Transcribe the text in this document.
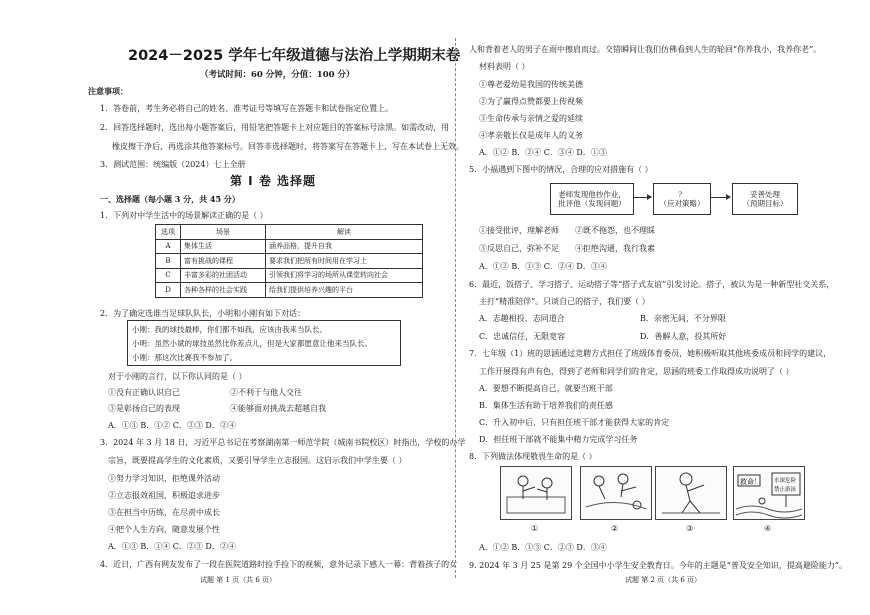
2024－2025 学年七年级道德与法治上学期期末卷
（考试时间：60 分钟，分值：100 分）
注意事项：
1．答卷前，考生务必将自己的姓名、准考证号等填写在答题卡和试卷指定位置上。
2．回答选择题时，选出每小题答案后，用铅笔把答题卡上对应题目的答案标号涂黑。如需改动，用
橡皮擦干净后，再选涂其他答案标号。回答非选择题时，将答案写在答题卡上，写在本试卷上无效。
3．测试范围：统编版（2024）七上全册
第 Ⅰ 卷 选择题
一、选择题（每小题 3 分，共 45 分）
1．下列对中学生活中的场景解读正确的是（ ）
选项	场景	解读
A	集体生活	涵养品格，提升自我
B	富有挑战的课程	要求我们把所有时间用在学习上
C	丰富多彩的社团活动	引领我们将学习的场所从课堂转向社会
D	各种各样的社会实践	给我们提供培养兴趣的平台
2．为了确定选谁当足球队队长，小明和小刚有如下对话：
小刚：我的球技最棒，你们都不如我，应该由我来当队长。
小明：虽然小斌的球技虽然比你差点儿，但是大家都愿意让他来当队长。
小刚：那这次比赛我不参加了。
对于小刚的言行，以下你认同的是（ ）
①没有正确认识自己	②不利于与他人交往
③是彰扬自己的表现	④能够面对挑战去超越自我
A．①③ B．①② C．②③ D．②④
3．2024 年 3 月 18 日，习近平总书记在考察湖南第一师范学院（城南书院校区）时指出，学校的办学
宗旨，既要提高学生的文化素质，又要引导学生立志报国。这启示我们中学生要（ ）
①努力学习知识，拒绝课外活动
②立志报效祖国，积极追求进步
③在担当中历练，在尽责中成长
④把个人生方向，随意发展个性
A．①③ B．①④ C．②③ D．②④
4．近日，广西有网友发布了一段在医院道路时捡手捡下的视频，意外记录下感人一幕：背着孩子的女
试题 第 1 页（共 6 页）
人和背着老人的男子在雨中擦肩而过。交错瞬间让我们仿佛看到人生的轮回“你养我小，我养你老”。
材料表明（ ）
①尊老爱幼是我国的传统美德
②为了赢得点赞都要上传视频
③生命传承与亲情之爱的延续
④孝亲敬长仅是成年人的义务
A．①② B．②④ C．③④ D．①③
5．小福遇到下图中的情况，合理的应对措施有（ ）
老师发现他抄作业，
批评他（发现问题）
？
（应对策略）
妥善处理
（预期目标）
①接受批评，理解老师 ②既不拖怨，也不理睬
③反思自己，弥补不足 ④拒绝沟通，我行我素
A．①② B．①③ C．②④ D．③④
6．最近，饭搭子、学习搭子、运动搭子等“搭子式友谊”引发讨论。搭子，被认为是一种新型社交关系，
主打“精准陪伴”。只谈自己的搭子，我们要（ ）
A．志趣相投，志同道合	B．亲密无间，不分界限
C．忠诚信任，无限宽容	D．善解人意，投其所好
7．七年级（1）班的思涵通过竞聘方式担任了班级体育委员，她积极听取其他班委成员和同学的建议，
工作开展得有声有色，得到了老师和同学们的肯定，思涵的班委工作取得成功说明了（ ）
A．要想不断提高自己，就要当班干部
B．集体生活有助于培养我们的责任感
C．升入初中后，只有担任班干部才能获得大家的肯定
D．担任班干部就不能集中精力完成学习任务
8．下列做法体现敬畏生命的是（ ）
救命！ 水深危险
禁止游泳
①	②	③	④
A．①② B．①③ C．②③ D．③④
9. 2024 年 3 月 25 是第 29 个全国中小学生安全教育日。今年的主题是“普及安全知识，提高避险能力”。
试题 第 2 页（共 6 页）
